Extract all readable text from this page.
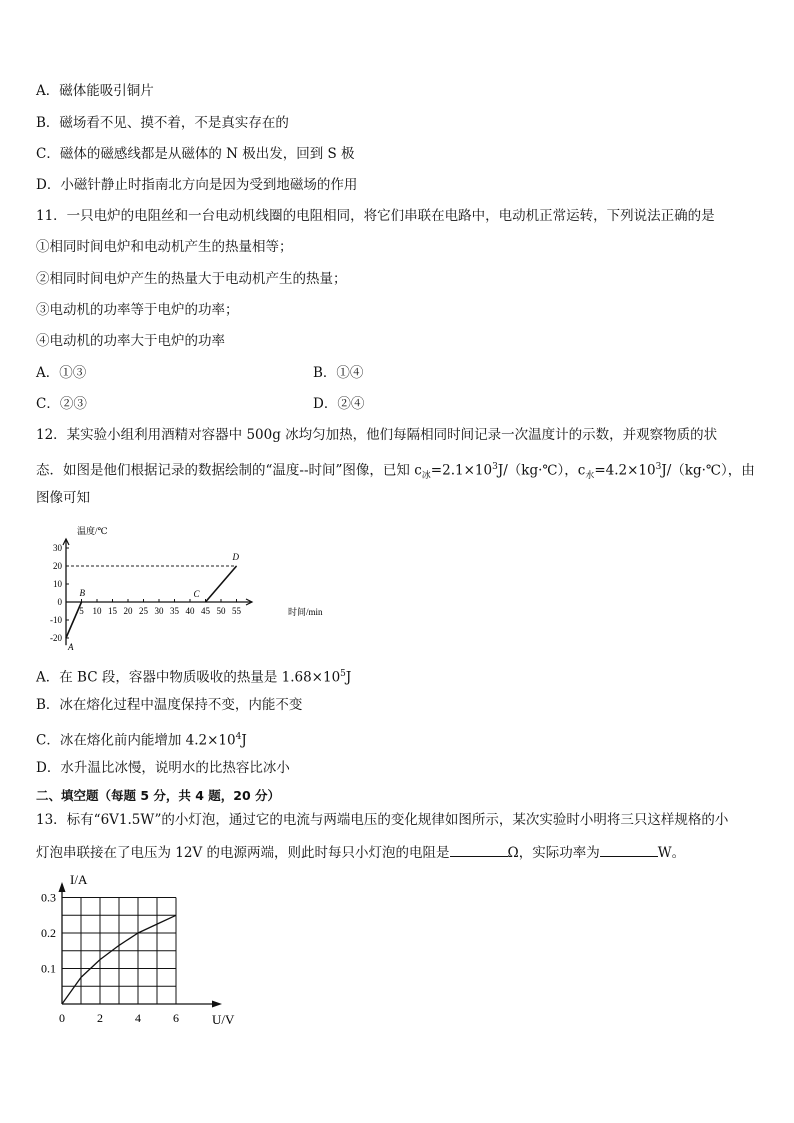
A．磁体能吸引铜片
B．磁场看不见、摸不着，不是真实存在的
C．磁体的磁感线都是从磁体的 N 极出发，回到 S 极
D．小磁针静止时指南北方向是因为受到地磁场的作用
11．一只电炉的电阻丝和一台电动机线圈的电阻相同，将它们串联在电路中，电动机正常运转，下列说法正确的是
①相同时间电炉和电动机产生的热量相等；
②相同时间电炉产生的热量大于电动机产生的热量；
③电动机的功率等于电炉的功率；
④电动机的功率大于电炉的功率
A．①③	B．①④
C．②③	D．②④
12．某实验小组利用酒精对容器中 500g 冰均匀加热，他们每隔相同时间记录一次温度计的示数，并观察物质的状
态．如图是他们根据记录的数据绘制的“温度--时间”图像，已知 $c_冰=2.1\times 10^3J/(kg\cdot℃)$，$c_水=4.2\times 10^3J/(kg\cdot℃)$，由
图像可知
5 10 15 20 25 30 35 40 45 50 55
30
20
10
0
-10
-20
A
B	C
D
温度/℃
时间/min
A．在 BC 段，容器中物质吸收的热量是 $1.68\times 10^5J$
B．冰在熔化过程中温度保持不变，内能不变
C．冰在熔化前内能增加 $4.2\times 10^4J$
D．水升温比冰慢，说明水的比热容比冰小
二、填空题（每题 5 分，共 4 题，20 分）
13．标有“6V1.5W”的小灯泡，通过它的电流与两端电压的变化规律如图所示，某次实验时小明将三只这样规格的小
灯泡串联接在了电压为 12V 的电源两端，则此时每只小灯泡的电阻是	Ω，实际功率为	W。
0	2	4	6
0.3
0.2
0.1
I/A
U/V
